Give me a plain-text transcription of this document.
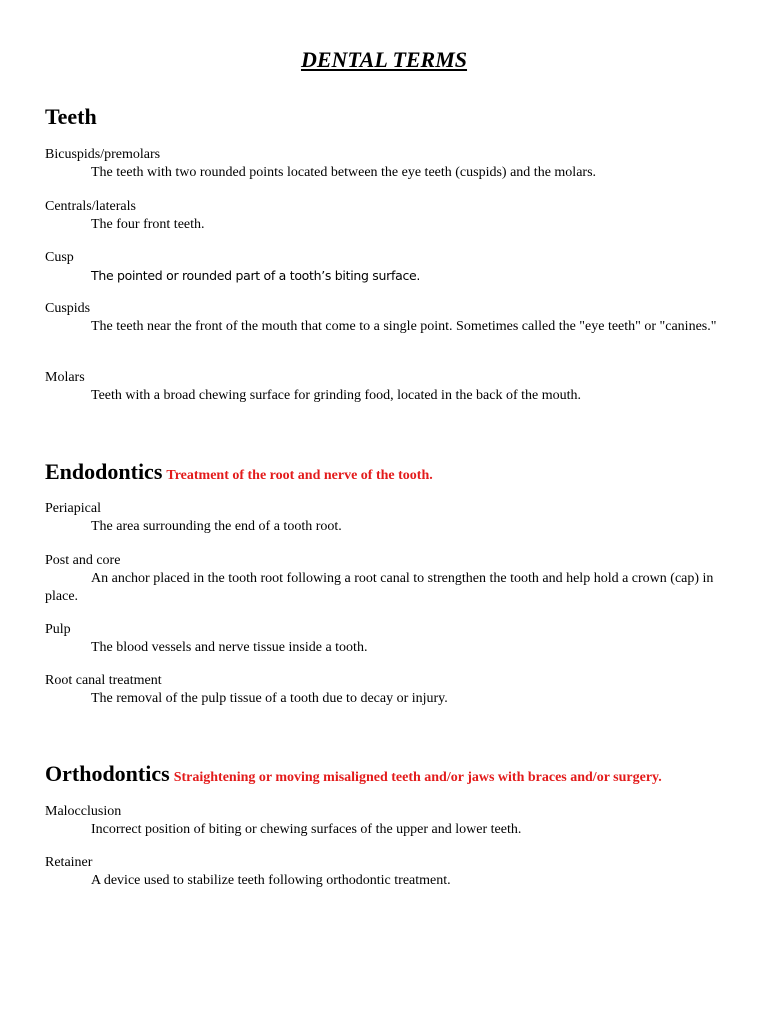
DENTAL TERMS
Teeth

Bicuspids/premolars

The teeth with two rounded points located between the eye teeth (cuspids) and the molars.

Centrals/laterals

The four front teeth.

Cusp

The pointed or rounded part of a tooth’s biting surface.

Cuspids

The teeth near the front of the mouth that come to a single point. Sometimes called the "eye teeth" or "canines."

Molars

Teeth with a broad chewing surface for grinding food, located in the back of the mouth.

Endodontics Treatment of the root and nerve of the tooth.

Periapical

The area surrounding the end of a tooth root.

Post and core

An anchor placed in the tooth root following a root canal to strengthen the tooth and help hold a crown (cap) in place.

Pulp

The blood vessels and nerve tissue inside a tooth.

Root canal treatment

The removal of the pulp tissue of a tooth due to decay or injury.

Orthodontics Straightening or moving misaligned teeth and/or jaws with braces and/or surgery.

Malocclusion

Incorrect position of biting or chewing surfaces of the upper and lower teeth.

Retainer

A device used to stabilize teeth following orthodontic treatment.
